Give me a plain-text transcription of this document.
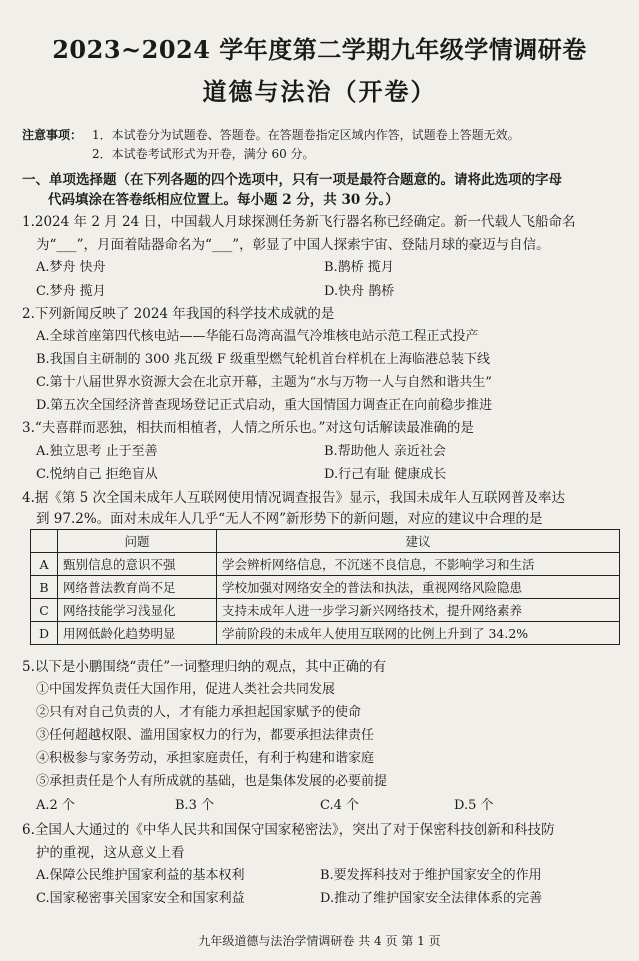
2023~2024 学年度第二学期九年级学情调研卷
道德与法治（开卷）
注意事项： 1．本试卷分为试题卷、答题卷。在答题卷指定区域内作答，试题卷上答题无效。
2．本试卷考试形式为开卷，满分 60 分。
一、单项选择题（在下列各题的四个选项中，只有一项是最符合题意的。请将此选项的字母
代码填涂在答卷纸相应位置上。每小题 2 分，共 30 分。）
1.2024 年 2 月 24 日，中国载人月球探测任务新飞行器名称已经确定。新一代载人飞船命名
为“___”，月面着陆器命名为“___”，彰显了中国人探索宇宙、登陆月球的豪迈与自信。
A.梦舟 快舟	B.鹊桥 揽月
C.梦舟 揽月	D.快舟 鹊桥
2.下列新闻反映了 2024 年我国的科学技术成就的是
A.全球首座第四代核电站——华能石岛湾高温气冷堆核电站示范工程正式投产
B.我国自主研制的 300 兆瓦级 F 级重型燃气轮机首台样机在上海临港总装下线
C.第十八届世界水资源大会在北京开幕，主题为“水与万物一人与自然和谐共生”
D.第五次全国经济普查现场登记正式启动，重大国情国力调查正在向前稳步推进
3.“夫喜群而恶独，相扶而相植者，人情之所乐也。”对这句话解读最准确的是
A.独立思考 止于至善	B.帮助他人 亲近社会
C.悦纳自己 拒绝盲从	D.行己有耻 健康成长
4.据《第 5 次全国未成年人互联网使用情况调查报告》显示，我国未成年人互联网普及率达
到 97.2%。面对未成年人几乎“无人不网”新形势下的新问题，对应的建议中合理的是
	问题	建议
A	甄别信息的意识不强	学会辨析网络信息，不沉迷不良信息，不影响学习和生活
B	网络普法教育尚不足	学校加强对网络安全的普法和执法，重视网络风险隐患
C	网络技能学习浅显化	支持未成年人进一步学习新兴网络技术，提升网络素养
D	用网低龄化趋势明显	学前阶段的未成年人使用互联网的比例上升到了 34.2%
5.以下是小鹏围绕“责任”一词整理归纳的观点，其中正确的有
①中国发挥负责任大国作用，促进人类社会共同发展
②只有对自己负责的人，才有能力承担起国家赋予的使命
③任何超越权限、滥用国家权力的行为，都要承担法律责任
④积极参与家务劳动，承担家庭责任，有利于构建和谐家庭
⑤承担责任是个人有所成就的基础，也是集体发展的必要前提
A.2 个	B.3 个	C.4 个	D.5 个
6.全国人大通过的《中华人民共和国保守国家秘密法》，突出了对于保密科技创新和科技防
护的重视，这从意义上看
A.保障公民维护国家利益的基本权利	B.要发挥科技对于维护国家安全的作用
C.国家秘密事关国家安全和国家利益	D.推动了维护国家安全法律体系的完善
九年级道德与法治学情调研卷 共 4 页 第 1 页
